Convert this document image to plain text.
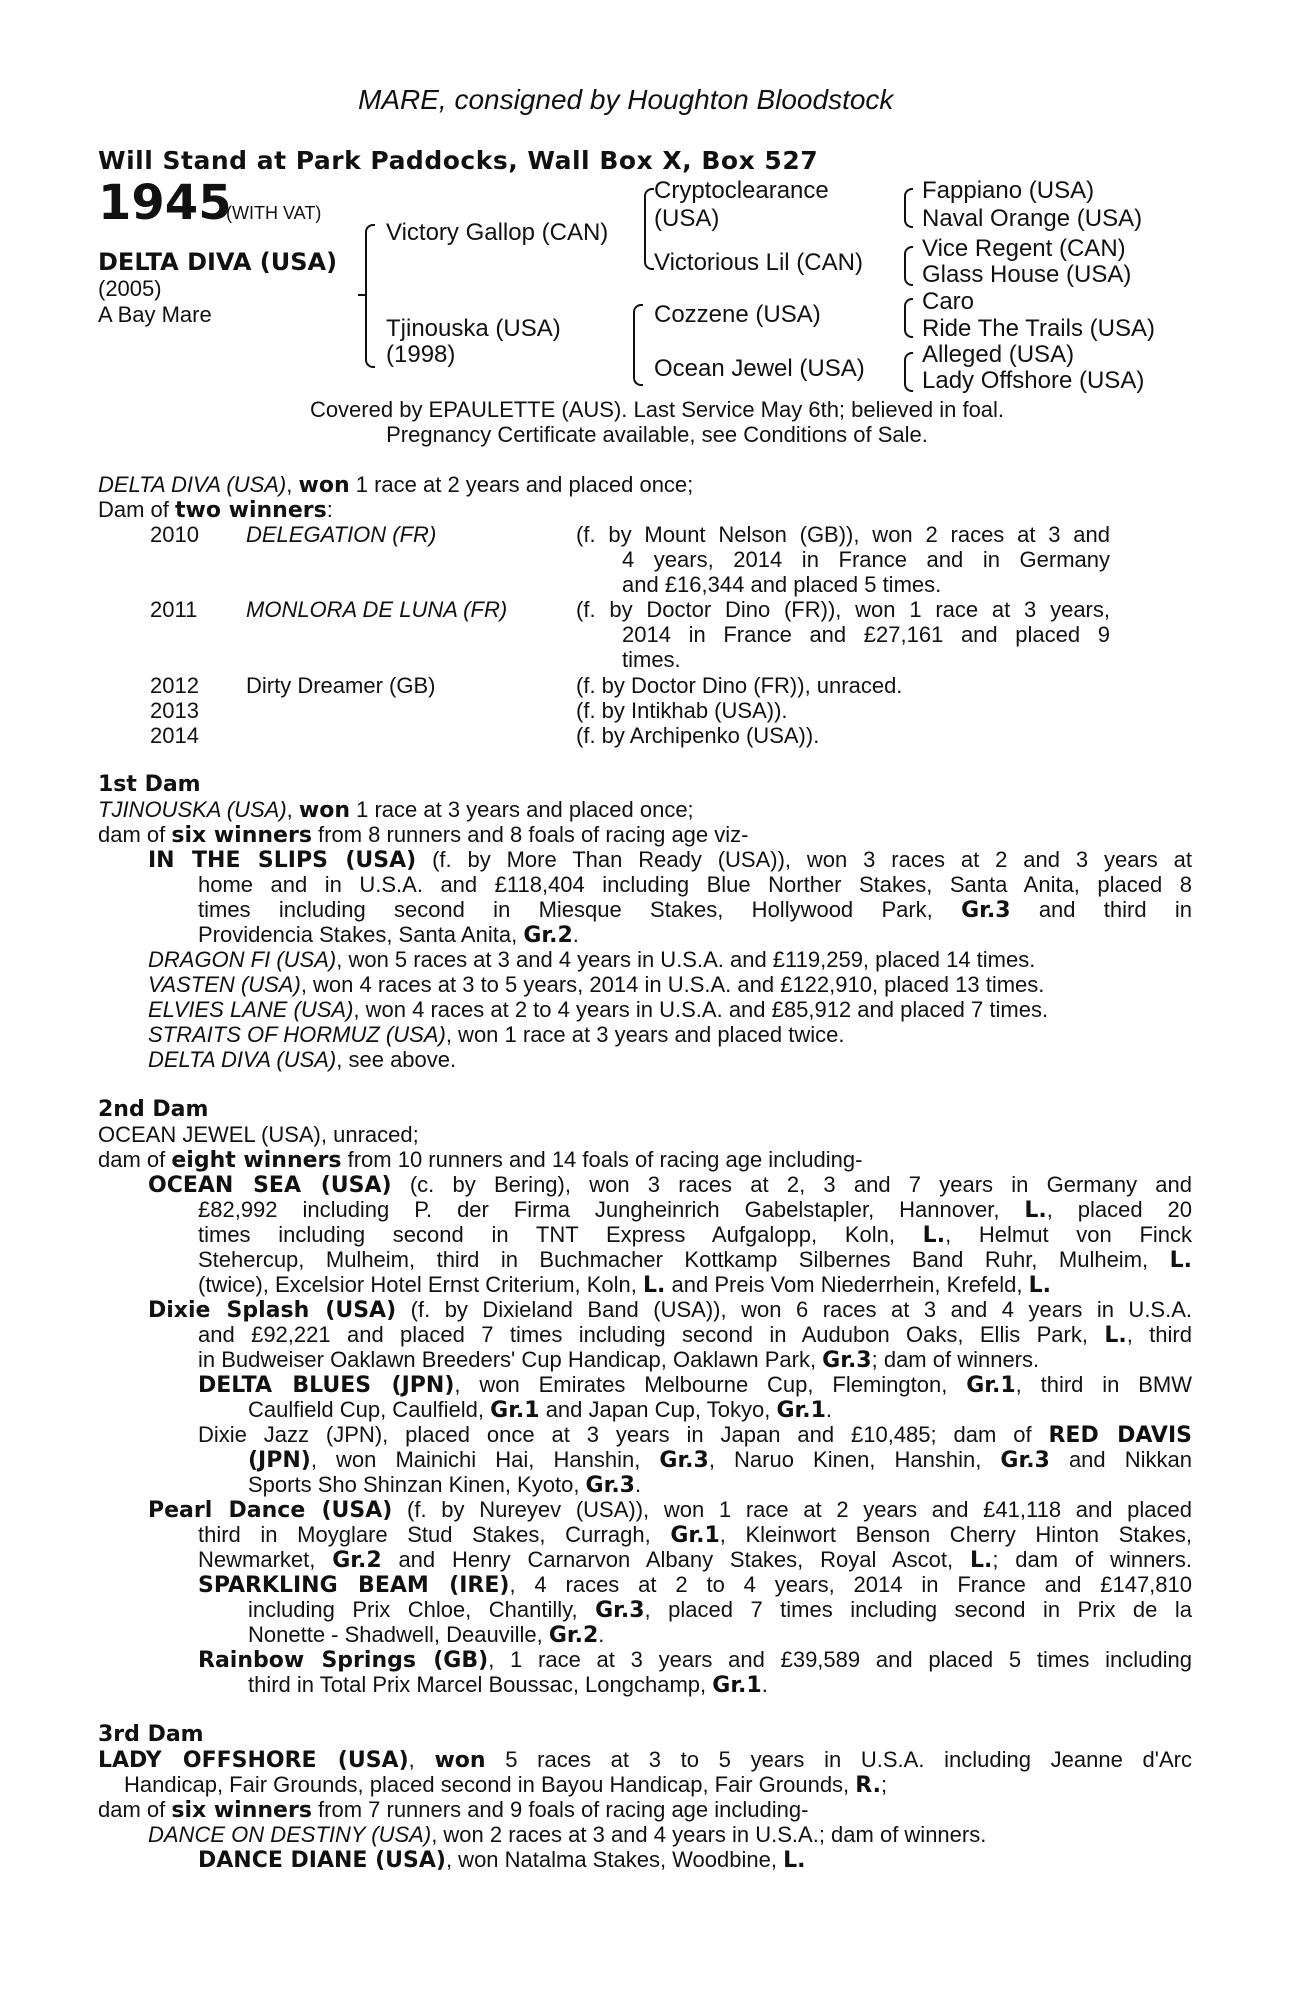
MARE, consigned by Houghton Bloodstock
Will Stand at Park Paddocks, Wall Box X, Box 527
1945
(WITH VAT)
DELTA DIVA (USA)
(2005)
A Bay Mare
Victory Gallop (CAN)
Tjinouska (USA)
(1998)
Cryptoclearance
(USA)
Victorious Lil (CAN)
Cozzene (USA)
Ocean Jewel (USA)
Fappiano (USA)
Naval Orange (USA)
Vice Regent (CAN)
Glass House (USA)
Caro
Ride The Trails (USA)
Alleged (USA)
Lady Offshore (USA)
Covered by EPAULETTE (AUS). Last Service May 6th; believed in foal.
Pregnancy Certificate available, see Conditions of Sale.
DELTA DIVA (USA), won 1 race at 2 years and placed once;
Dam of two winners:
2010 DELEGATION (FR)	(f. by Mount Nelson (GB)), won 2 races at 3 and
4 years, 2014 in France and in Germany
and £16,344 and placed 5 times.
2011 MONLORA DE LUNA (FR)	(f. by Doctor Dino (FR)), won 1 race at 3 years,
2014 in France and £27,161 and placed 9
times.
2012 Dirty Dreamer (GB)	(f. by Doctor Dino (FR)), unraced.
2013	(f. by Intikhab (USA)).
2014	(f. by Archipenko (USA)).
1st Dam
TJINOUSKA (USA), won 1 race at 3 years and placed once;
dam of six winners from 8 runners and 8 foals of racing age viz-
IN THE SLIPS (USA) (f. by More Than Ready (USA)), won 3 races at 2 and 3 years at
home and in U.S.A. and £118,404 including Blue Norther Stakes, Santa Anita, placed 8
times including second in Miesque Stakes, Hollywood Park, Gr.3 and third in
Providencia Stakes, Santa Anita, Gr.2.
DRAGON FI (USA), won 5 races at 3 and 4 years in U.S.A. and £119,259, placed 14 times.
VASTEN (USA), won 4 races at 3 to 5 years, 2014 in U.S.A. and £122,910, placed 13 times.
ELVIES LANE (USA), won 4 races at 2 to 4 years in U.S.A. and £85,912 and placed 7 times.
STRAITS OF HORMUZ (USA), won 1 race at 3 years and placed twice.
DELTA DIVA (USA), see above.
2nd Dam
OCEAN JEWEL (USA), unraced;
dam of eight winners from 10 runners and 14 foals of racing age including-
OCEAN SEA (USA) (c. by Bering), won 3 races at 2, 3 and 7 years in Germany and
£82,992 including P. der Firma Jungheinrich Gabelstapler, Hannover, L., placed 20
times including second in TNT Express Aufgalopp, Koln, L., Helmut von Finck
Stehercup, Mulheim, third in Buchmacher Kottkamp Silbernes Band Ruhr, Mulheim, L.
(twice), Excelsior Hotel Ernst Criterium, Koln, L. and Preis Vom Niederrhein, Krefeld, L.
Dixie Splash (USA) (f. by Dixieland Band (USA)), won 6 races at 3 and 4 years in U.S.A.
and £92,221 and placed 7 times including second in Audubon Oaks, Ellis Park, L., third
in Budweiser Oaklawn Breeders' Cup Handicap, Oaklawn Park, Gr.3; dam of winners.
DELTA BLUES (JPN), won Emirates Melbourne Cup, Flemington, Gr.1, third in BMW
Caulfield Cup, Caulfield, Gr.1 and Japan Cup, Tokyo, Gr.1.
Dixie Jazz (JPN), placed once at 3 years in Japan and £10,485; dam of RED DAVIS
(JPN), won Mainichi Hai, Hanshin, Gr.3, Naruo Kinen, Hanshin, Gr.3 and Nikkan
Sports Sho Shinzan Kinen, Kyoto, Gr.3.
Pearl Dance (USA) (f. by Nureyev (USA)), won 1 race at 2 years and £41,118 and placed
third in Moyglare Stud Stakes, Curragh, Gr.1, Kleinwort Benson Cherry Hinton Stakes,
Newmarket, Gr.2 and Henry Carnarvon Albany Stakes, Royal Ascot, L.; dam of winners.
SPARKLING BEAM (IRE), 4 races at 2 to 4 years, 2014 in France and £147,810
including Prix Chloe, Chantilly, Gr.3, placed 7 times including second in Prix de la
Nonette - Shadwell, Deauville, Gr.2.
Rainbow Springs (GB), 1 race at 3 years and £39,589 and placed 5 times including
third in Total Prix Marcel Boussac, Longchamp, Gr.1.
3rd Dam
LADY OFFSHORE (USA), won 5 races at 3 to 5 years in U.S.A. including Jeanne d'Arc
Handicap, Fair Grounds, placed second in Bayou Handicap, Fair Grounds, R.;
dam of six winners from 7 runners and 9 foals of racing age including-
DANCE ON DESTINY (USA), won 2 races at 3 and 4 years in U.S.A.; dam of winners.
DANCE DIANE (USA), won Natalma Stakes, Woodbine, L.
